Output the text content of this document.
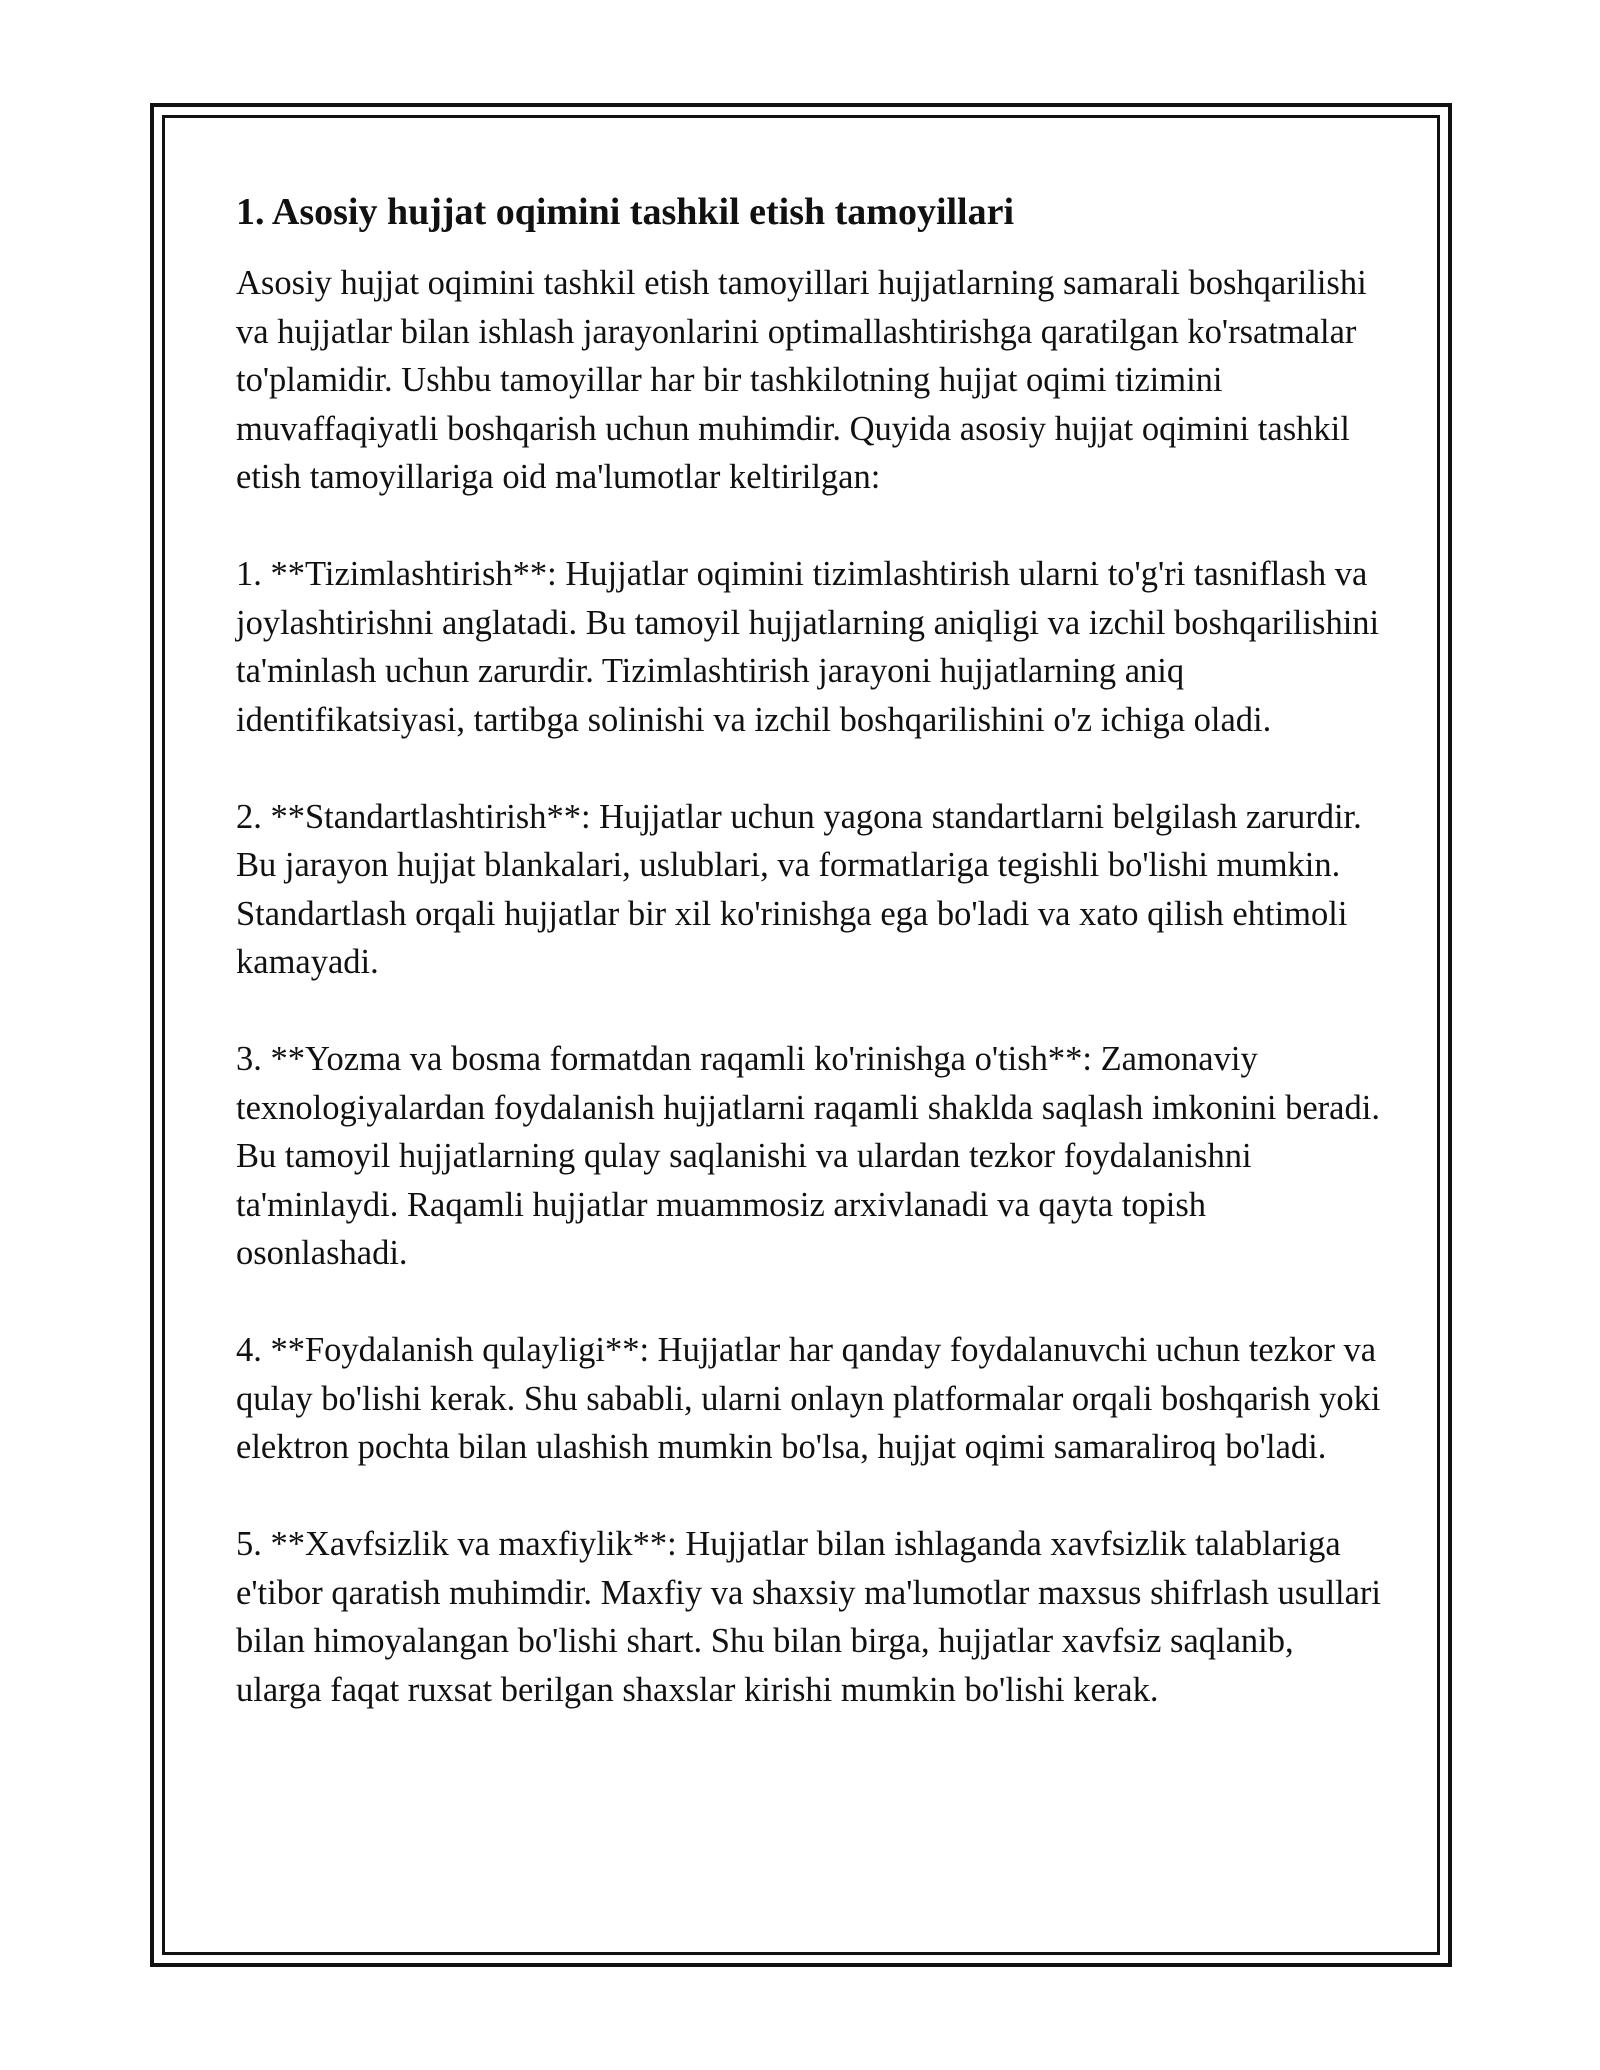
1. Asosiy hujjat oqimini tashkil etish tamoyillari

Asosiy hujjat oqimini tashkil etish tamoyillari hujjatlarning samarali boshqarilishi va hujjatlar bilan ishlash jarayonlarini optimallashtirishga qaratilgan ko'rsatmalar to'plamidir. Ushbu tamoyillar har bir tashkilotning hujjat oqimi tizimini muvaffaqiyatli boshqarish uchun muhimdir. Quyida asosiy hujjat oqimini tashkil etish tamoyillariga oid ma'lumotlar keltirilgan:

1. **Tizimlashtirish**: Hujjatlar oqimini tizimlashtirish ularni to'g'ri tasniflash va joylashtirishni anglatadi. Bu tamoyil hujjatlarning aniqligi va izchil boshqarilishini ta'minlash uchun zarurdir. Tizimlashtirish jarayoni hujjatlarning aniq identifikatsiyasi, tartibga solinishi va izchil boshqarilishini o'z ichiga oladi.

2. **Standartlashtirish**: Hujjatlar uchun yagona standartlarni belgilash zarurdir. Bu jarayon hujjat blankalari, uslublari, va formatlariga tegishli bo'lishi mumkin. Standartlash orqali hujjatlar bir xil ko'rinishga ega bo'ladi va xato qilish ehtimoli kamayadi.

3. **Yozma va bosma formatdan raqamli ko'rinishga o'tish**: Zamonaviy texnologiyalardan foydalanish hujjatlarni raqamli shaklda saqlash imkonini beradi. Bu tamoyil hujjatlarning qulay saqlanishi va ulardan tezkor foydalanishni ta'minlaydi. Raqamli hujjatlar muammosiz arxivlanadi va qayta topish osonlashadi.

4. **Foydalanish qulayligi**: Hujjatlar har qanday foydalanuvchi uchun tezkor va qulay bo'lishi kerak. Shu sababli, ularni onlayn platformalar orqali boshqarish yoki elektron pochta bilan ulashish mumkin bo'lsa, hujjat oqimi samaraliroq bo'ladi.

5. **Xavfsizlik va maxfiylik**: Hujjatlar bilan ishlaganda xavfsizlik talablariga e'tibor qaratish muhimdir. Maxfiy va shaxsiy ma'lumotlar maxsus shifrlash usullari bilan himoyalangan bo'lishi shart. Shu bilan birga, hujjatlar xavfsiz saqlanib, ularga faqat ruxsat berilgan shaxslar kirishi mumkin bo'lishi kerak.
